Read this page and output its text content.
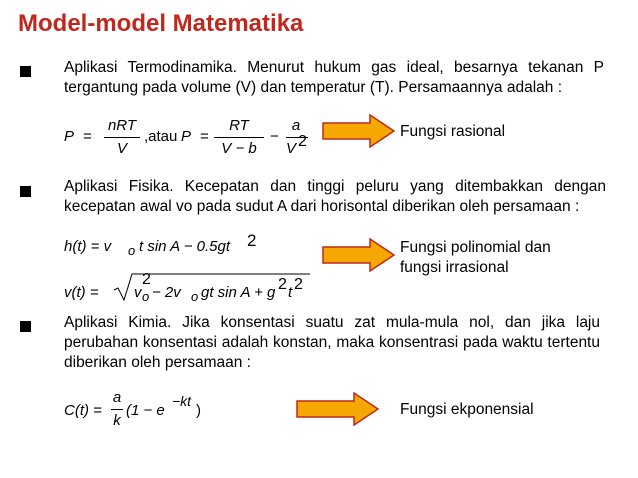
Model-model Matematika
Aplikasi Termodinamika. Menurut hukum gas ideal, besarnya tekanan P tergantung pada volume (V) dan temperatur (T). Persamaannya adalah :
P =
nRT
V
,atau P =
RT
V − b
−
a
V 2
Fungsi rasional
Aplikasi Fisika. Kecepatan dan tinggi peluru yang ditembakkan dengan kecepatan awal vo pada sudut A dari horisontal diberikan oleh persamaan :
h(t) = v o t sin A − 0.5gt 2
v(t) = v
2
o − 2v o gt sin A + g 2 t 2
Fungsi polinomial dan fungsi irrasional
Aplikasi Kimia. Jika konsentasi suatu zat mula-mula nol, dan jika laju perubahan konsentasi adalah konstan, maka konsentrasi pada waktu tertentu diberikan oleh persamaan :
C(t) =
a
k
(1 − e
−kt
)	Fungsi ekponensial
